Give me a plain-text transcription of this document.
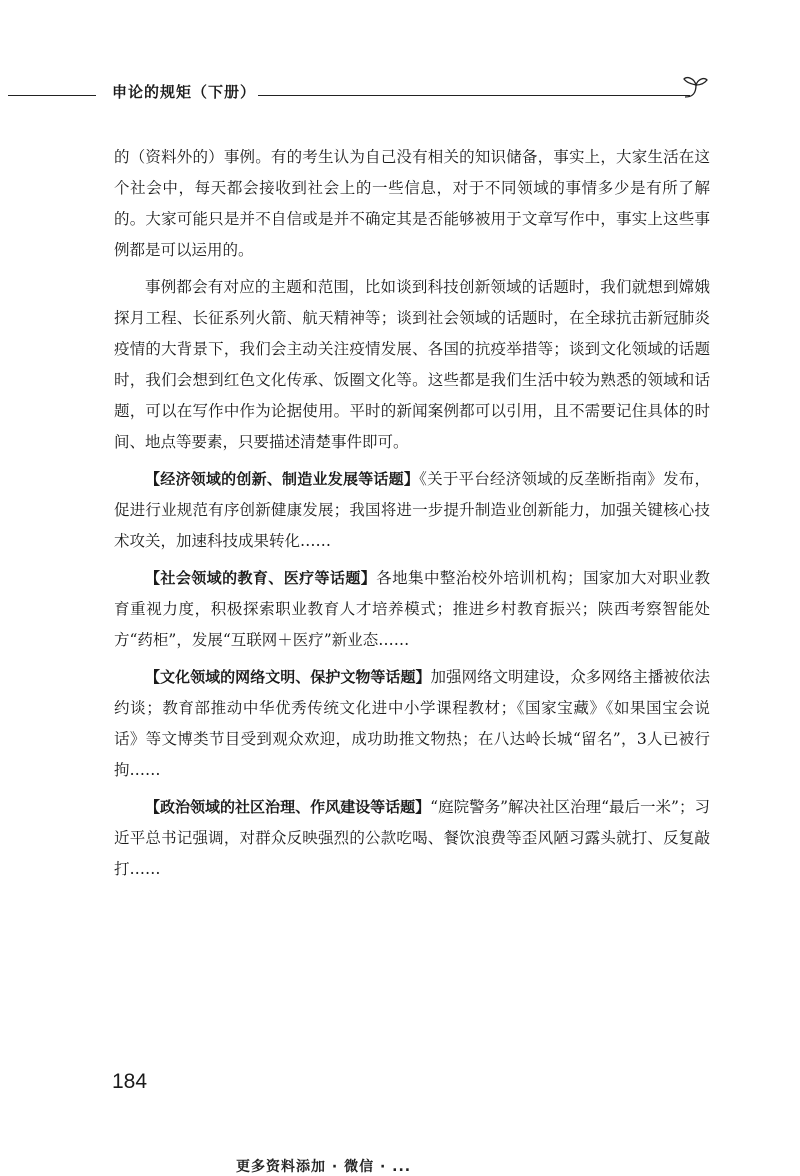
申论的规矩（下册）

的（资料外的）事例。有的考生认为自己没有相关的知识储备，事实上，大家生活在这个社会中，每天都会接收到社会上的一些信息，对于不同领域的事情多少是有所了解的。大家可能只是并不自信或是并不确定其是否能够被用于文章写作中，事实上这些事例都是可以运用的。

事例都会有对应的主题和范围，比如谈到科技创新领域的话题时，我们就想到嫦娥探月工程、长征系列火箭、航天精神等；谈到社会领域的话题时，在全球抗击新冠肺炎疫情的大背景下，我们会主动关注疫情发展、各国的抗疫举措等；谈到文化领域的话题时，我们会想到红色文化传承、饭圈文化等。这些都是我们生活中较为熟悉的领域和话题，可以在写作中作为论据使用。平时的新闻案例都可以引用，且不需要记住具体的时间、地点等要素，只要描述清楚事件即可。

【经济领域的创新、制造业发展等话题】《关于平台经济领域的反垄断指南》发布，促进行业规范有序创新健康发展；我国将进一步提升制造业创新能力，加强关键核心技术攻关，加速科技成果转化……

【社会领域的教育、医疗等话题】各地集中整治校外培训机构；国家加大对职业教育重视力度，积极探索职业教育人才培养模式；推进乡村教育振兴；陕西考察智能处方“药柜”，发展“互联网＋医疗”新业态……

【文化领域的网络文明、保护文物等话题】加强网络文明建设，众多网络主播被依法约谈；教育部推动中华优秀传统文化进中小学课程教材；《国家宝藏》《如果国宝会说话》等文博类节目受到观众欢迎，成功助推文物热；在八达岭长城“留名”，3人已被行拘……

【政治领域的社区治理、作风建设等话题】“庭院警务”解决社区治理“最后一米”；习近平总书记强调，对群众反映强烈的公款吃喝、餐饮浪费等歪风陋习露头就打、反复敲打……

184
更多资料添加 · 微信 · ...
